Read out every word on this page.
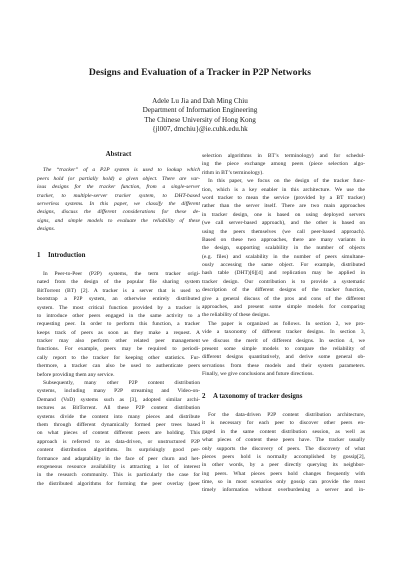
Designs and Evaluation of a Tracker in P2P Networks
Adele Lu Jia and Dah Ming Chiu
Department of Information Engineering
The Chinese University of Hong Kong
{jl007, dmchiu}@ie.cuhk.edu.hk
Abstract
The “tracker” of a P2P system is used to lookup which
peers hold (or partially hold) a given object. There are var-
ious designs for the tracker function, from a single-server
tracker, to multiple-server tracker system, to DHT-based
serverless systems. In this paper, we classify the different
designs, discuss the different considerations for these de-
signs, and simple models to evaluate the reliability of these
designs.
1 Introduction
In Peer-to-Peer (P2P) systems, the term tracker origi-
nated from the design of the popular file sharing system
BitTorrent (BT) [2]. A tracker is a server that is used to
bootstrap a P2P system, an otherwise entirely distributed
system. The most critical function provided by a tracker is
to introduce other peers engaged in the same activity to a
requesting peer. In order to perform this function, a tracker
keeps track of peers as soon as they make a request. A
tracker may also perform other related peer management
functions. For example, peers may be required to periodi-
cally report to the tracker for keeping other statistics. Fur-
thermore, a tracker can also be used to authenticate peers
before providing them any service.
Subsequently, many other P2P content distribution
systems, including many P2P streaming and Video-on-
Demand (VoD) systems such as [3], adopted similar archi-
tectures as BitTorrent. All these P2P content distribution
systems divide the content into many pieces and distribute
them through different dynamically formed peer trees based
on what pieces of content different peers are holding. This
approach is referred to as data-driven, or unstructured P2P
content distribution algorithms. Its surprisingly good per-
formance and adaptability in the face of peer churn and het-
erogeneous resource availability is attracting a lot of interest
in the research community. This is particularly the case for
the distributed algorithms for forming the peer overlay (peer
selection algorithms in BT’s terminology) and for schedul-
ing the piece exchange among peers (piece selection algo-
rithm in BT’s terminology).
In this paper, we focus on the design of the tracker func-
tion, which is a key enabler in this architecture. We use the
word tracker to mean the service (provided by a BT tracker)
rather than the server itself. There are two main approaches
in tracker design, one is based on using deployed servers
(we call server-based approach), and the other is based on
using the peers themselves (we call peer-based approach).
Based on these two approaches, there are many variants in
the design, supporting scalability in the number of objects
(e.g. files) and scalability in the number of peers simultane-
ously accessing the same object. For example, distributed
hash table (DHT)[6][4] and replication may be applied in
tracker design. Our contribution is to provide a systematic
description of the different designs of the tracker function,
give a general discuss of the pros and cons of the different
approaches, and present some simple models for comparing
the reliability of these designs.
The paper is organized as follows. In section 2, we pro-
vide a taxonomy of different tracker designs. In section 3,
we discuss the merit of different designs. In section 4, we
present some simple models to compare the reliability of
different designs quantitatively, and derive some general ob-
servations from these models and their system parameters.
Finally, we give conclusions and future directions.
2 A taxonomy of tracker designs
For the data-driven P2P content distribution architecture,
it is necessary for each peer to discover other peers en-
gaged in the same content distribution session, as well as
what pieces of content these peers have. The tracker usually
only supports the discovery of peers. The discovery of what
pieces peers hold is normally accomplished by gossip[2],
in other words, by a peer directly querying its neighbor-
ing peers. What pieces peers hold changes frequently with
time, so in most scenarios only gossip can provide the most
timely information without overburdening a server and in-
